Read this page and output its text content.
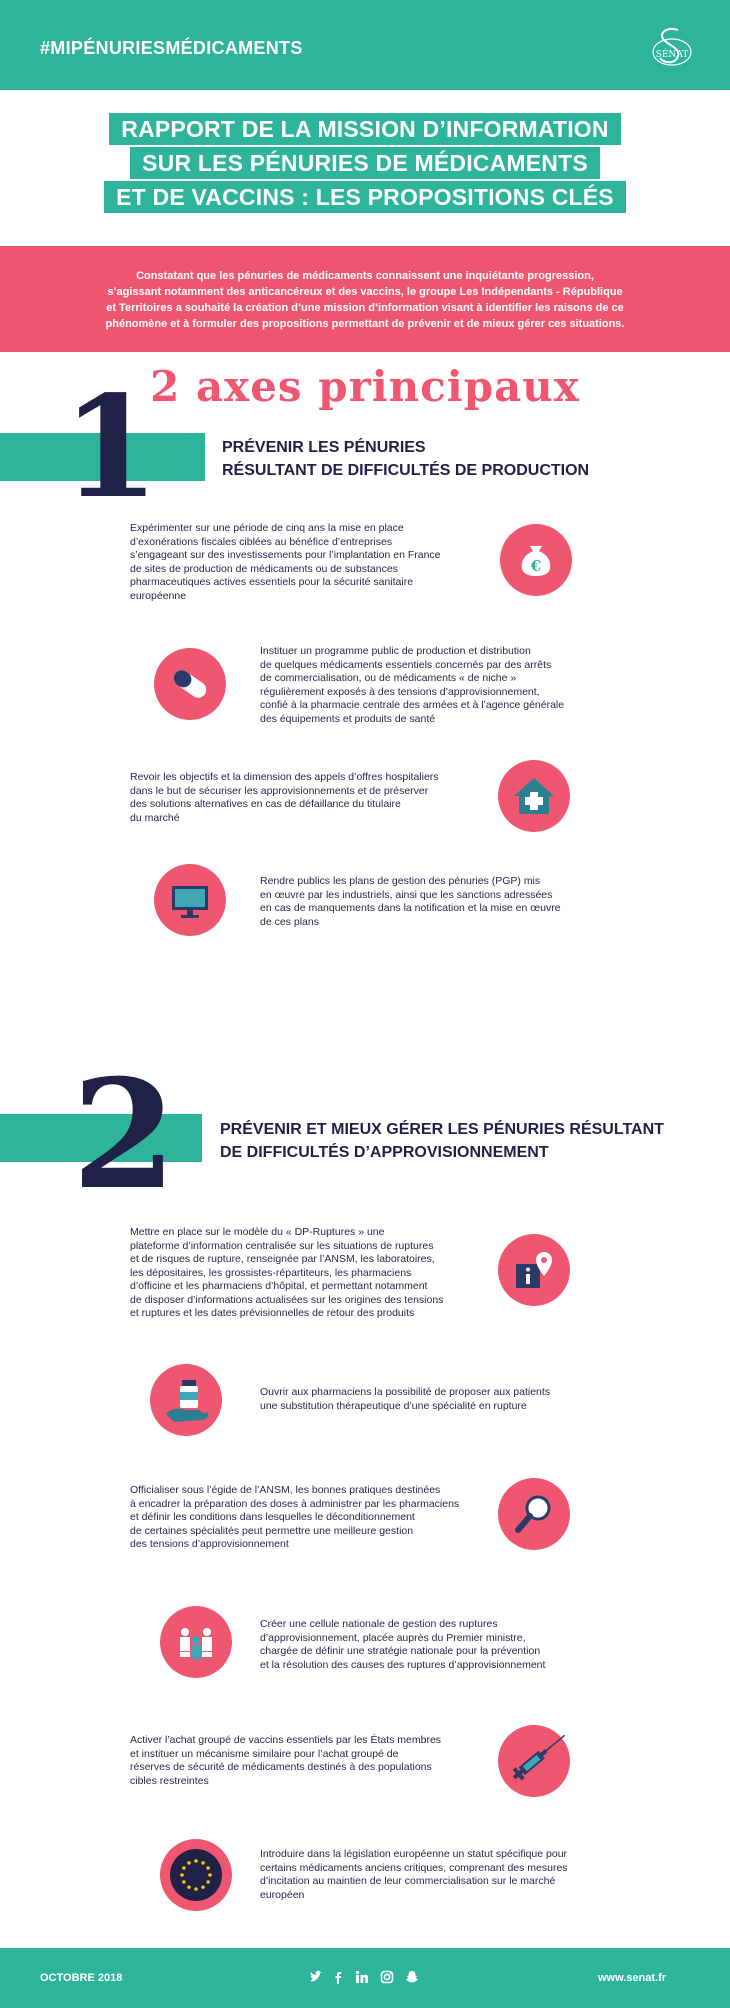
#MIPÉNURIESMÉDICAMENTS	SÉNAT
RAPPORT DE LA MISSION D’INFORMATION
SUR LES PÉNURIES DE MÉDICAMENTS
ET DE VACCINS : LES PROPOSITIONS CLÉS
Constatant que les pénuries de médicaments connaissent une inquiétante progression,
s’agissant notamment des anticancéreux et des vaccins, le groupe Les Indépendants - République
et Territoires a souhaité la création d’une mission d’information visant à identifier les raisons de ce
phénomène et à formuler des propositions permettant de prévenir et de mieux gérer ces situations.
2 axes principaux
1	PRÉVENIR LES PÉNURIES
RÉSULTANT DE DIFFICULTÉS DE PRODUCTION
Expérimenter sur une période de cinq ans la mise en place
d’exonérations fiscales ciblées au bénéfice d’entreprises
s’engageant sur des investissements pour l’implantation en France
de sites de production de médicaments ou de substances
pharmaceutiques actives essentiels pour la sécurité sanitaire
européenne
€
Instituer un programme public de production et distribution
de quelques médicaments essentiels concernés par des arrêts
de commercialisation, ou de médicaments « de niche »
régulièrement exposés à des tensions d’approvisionnement,
confié à la pharmacie centrale des armées et à l’agence générale
des équipements et produits de santé
Revoir les objectifs et la dimension des appels d’offres hospitaliers
dans le but de sécuriser les approvisionnements et de préserver
des solutions alternatives en cas de défaillance du titulaire
du marché
Rendre publics les plans de gestion des pénuries (PGP) mis
en œuvre par les industriels, ainsi que les sanctions adressées
en cas de manquements dans la notification et la mise en œuvre
de ces plans
2	PRÉVENIR ET MIEUX GÉRER LES PÉNURIES RÉSULTANT
DE DIFFICULTÉS D’APPROVISIONNEMENT
Mettre en place sur le modèle du « DP-Ruptures » une
plateforme d’information centralisée sur les situations de ruptures
et de risques de rupture, renseignée par l’ANSM, les laboratoires,
les dépositaires, les grossistes-répartiteurs, les pharmaciens
d’officine et les pharmaciens d’hôpital, et permettant notamment
de disposer d’informations actualisées sur les origines des tensions
et ruptures et les dates prévisionnelles de retour des produits
Ouvrir aux pharmaciens la possibilité de proposer aux patients
une substitution thérapeutique d’une spécialité en rupture
Officialiser sous l’égide de l’ANSM, les bonnes pratiques destinées
à encadrer la préparation des doses à administrer par les pharmaciens
et définir les conditions dans lesquelles le déconditionnement
de certaines spécialités peut permettre une meilleure gestion
des tensions d’approvisionnement
Créer une cellule nationale de gestion des ruptures
d’approvisionnement, placée auprès du Premier ministre,
chargée de définir une stratégie nationale pour la prévention
et la résolution des causes des ruptures d’approvisionnement
Activer l’achat groupé de vaccins essentiels par les États membres
et instituer un mécanisme similaire pour l’achat groupé de
réserves de sécurité de médicaments destinés à des populations
cibles restreintes
Introduire dans la législation européenne un statut spécifique pour
certains médicaments anciens critiques, comprenant des mesures
d’incitation au maintien de leur commercialisation sur le marché
européen
OCTOBRE 2018	www.senat.fr
